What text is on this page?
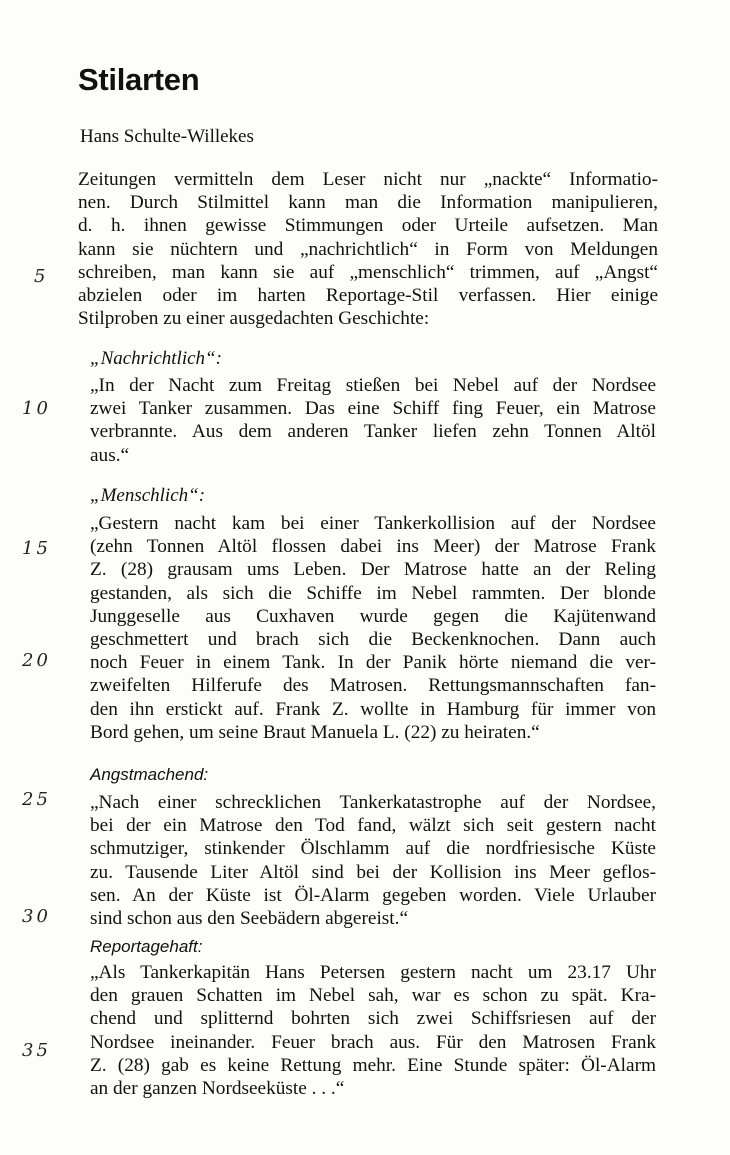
Stilarten
Hans Schulte-Willekes
Zeitungen vermitteln dem Leser nicht nur „nackte“ Informatio-
nen. Durch Stilmittel kann man die Information manipulieren,
d. h. ihnen gewisse Stimmungen oder Urteile aufsetzen. Man
kann sie nüchtern und „nachrichtlich“ in Form von Meldungen
schreiben, man kann sie auf „menschlich“ trimmen, auf „Angst“
abzielen oder im harten Reportage-Stil verfassen. Hier einige
Stilproben zu einer ausgedachten Geschichte:
„Nachrichtlich“:
„In der Nacht zum Freitag stießen bei Nebel auf der Nordsee
zwei Tanker zusammen. Das eine Schiff fing Feuer, ein Matrose
verbrannte. Aus dem anderen Tanker liefen zehn Tonnen Altöl
aus.“
„Menschlich“:
„Gestern nacht kam bei einer Tankerkollision auf der Nordsee
(zehn Tonnen Altöl flossen dabei ins Meer) der Matrose Frank
Z. (28) grausam ums Leben. Der Matrose hatte an der Reling
gestanden, als sich die Schiffe im Nebel rammten. Der blonde
Junggeselle aus Cuxhaven wurde gegen die Kajütenwand
geschmettert und brach sich die Beckenknochen. Dann auch
noch Feuer in einem Tank. In der Panik hörte niemand die ver-
zweifelten Hilferufe des Matrosen. Rettungsmannschaften fan-
den ihn erstickt auf. Frank Z. wollte in Hamburg für immer von
Bord gehen, um seine Braut Manuela L. (22) zu heiraten.“
Angstmachend:
„Nach einer schrecklichen Tankerkatastrophe auf der Nordsee,
bei der ein Matrose den Tod fand, wälzt sich seit gestern nacht
schmutziger, stinkender Ölschlamm auf die nordfriesische Küste
zu. Tausende Liter Altöl sind bei der Kollision ins Meer geflos-
sen. An der Küste ist Öl-Alarm gegeben worden. Viele Urlauber
sind schon aus den Seebädern abgereist.“
Reportagehaft:
„Als Tankerkapitän Hans Petersen gestern nacht um 23.17 Uhr
den grauen Schatten im Nebel sah, war es schon zu spät. Kra-
chend und splitternd bohrten sich zwei Schiffsriesen auf der
Nordsee ineinander. Feuer brach aus. Für den Matrosen Frank
Z. (28) gab es keine Rettung mehr. Eine Stunde später: Öl-Alarm
an der ganzen Nordseeküste . . .“
5
10
15
20
25
30
35
